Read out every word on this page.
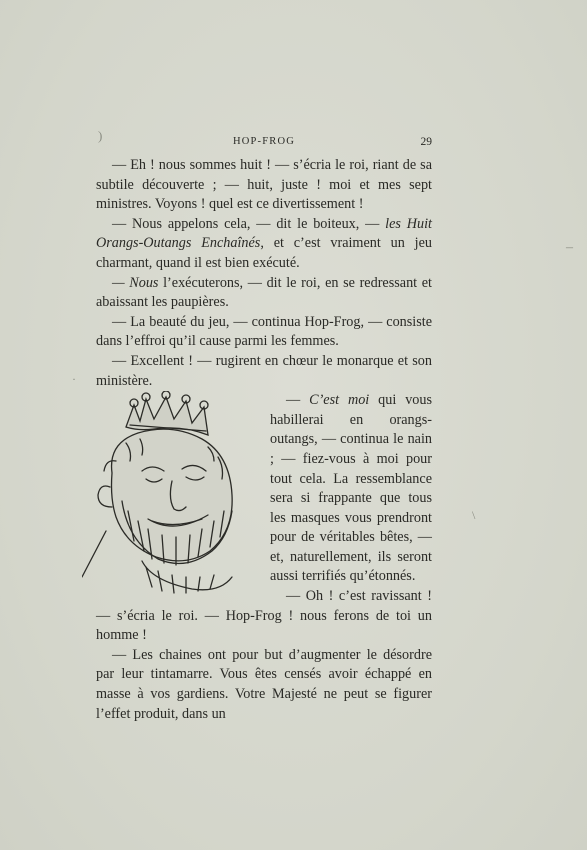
)
‒
·
\
HOP-FROG	29

— Eh ! nous sommes huit ! — s’écria le roi, riant de sa subtile découverte ; — huit, juste ! moi et mes sept ministres. Voyons ! quel est ce divertissement !

— Nous appelons cela, — dit le boiteux, — les Huit Orangs-Outangs Enchaînés, et c’est vraiment un jeu charmant, quand il est bien exécuté.

— Nous l’exécuterons, — dit le roi, en se redressant et abaissant les paupières.

— La beauté du jeu, — continua Hop-Frog, — consiste dans l’effroi qu’il cause parmi les femmes.

— Excellent ! — rugirent en chœur le monarque et son ministère.

— C’est moi qui vous habillerai en orangs-outangs, — continua le nain ; — fiez-vous à moi pour tout cela. La ressemblance sera si frappante que tous les masques vous prendront pour de véritables bêtes, — et, naturellement, ils seront aussi terrifiés qu’étonnés.

— Oh ! c’est ravissant ! — s’écria le roi. — Hop-Frog ! nous ferons de toi un homme !

— Les chaines ont pour but d’augmenter le désordre par leur tintamarre. Vous êtes censés avoir échappé en masse à vos gardiens. Votre Majesté ne peut se figurer l’effet produit, dans un
